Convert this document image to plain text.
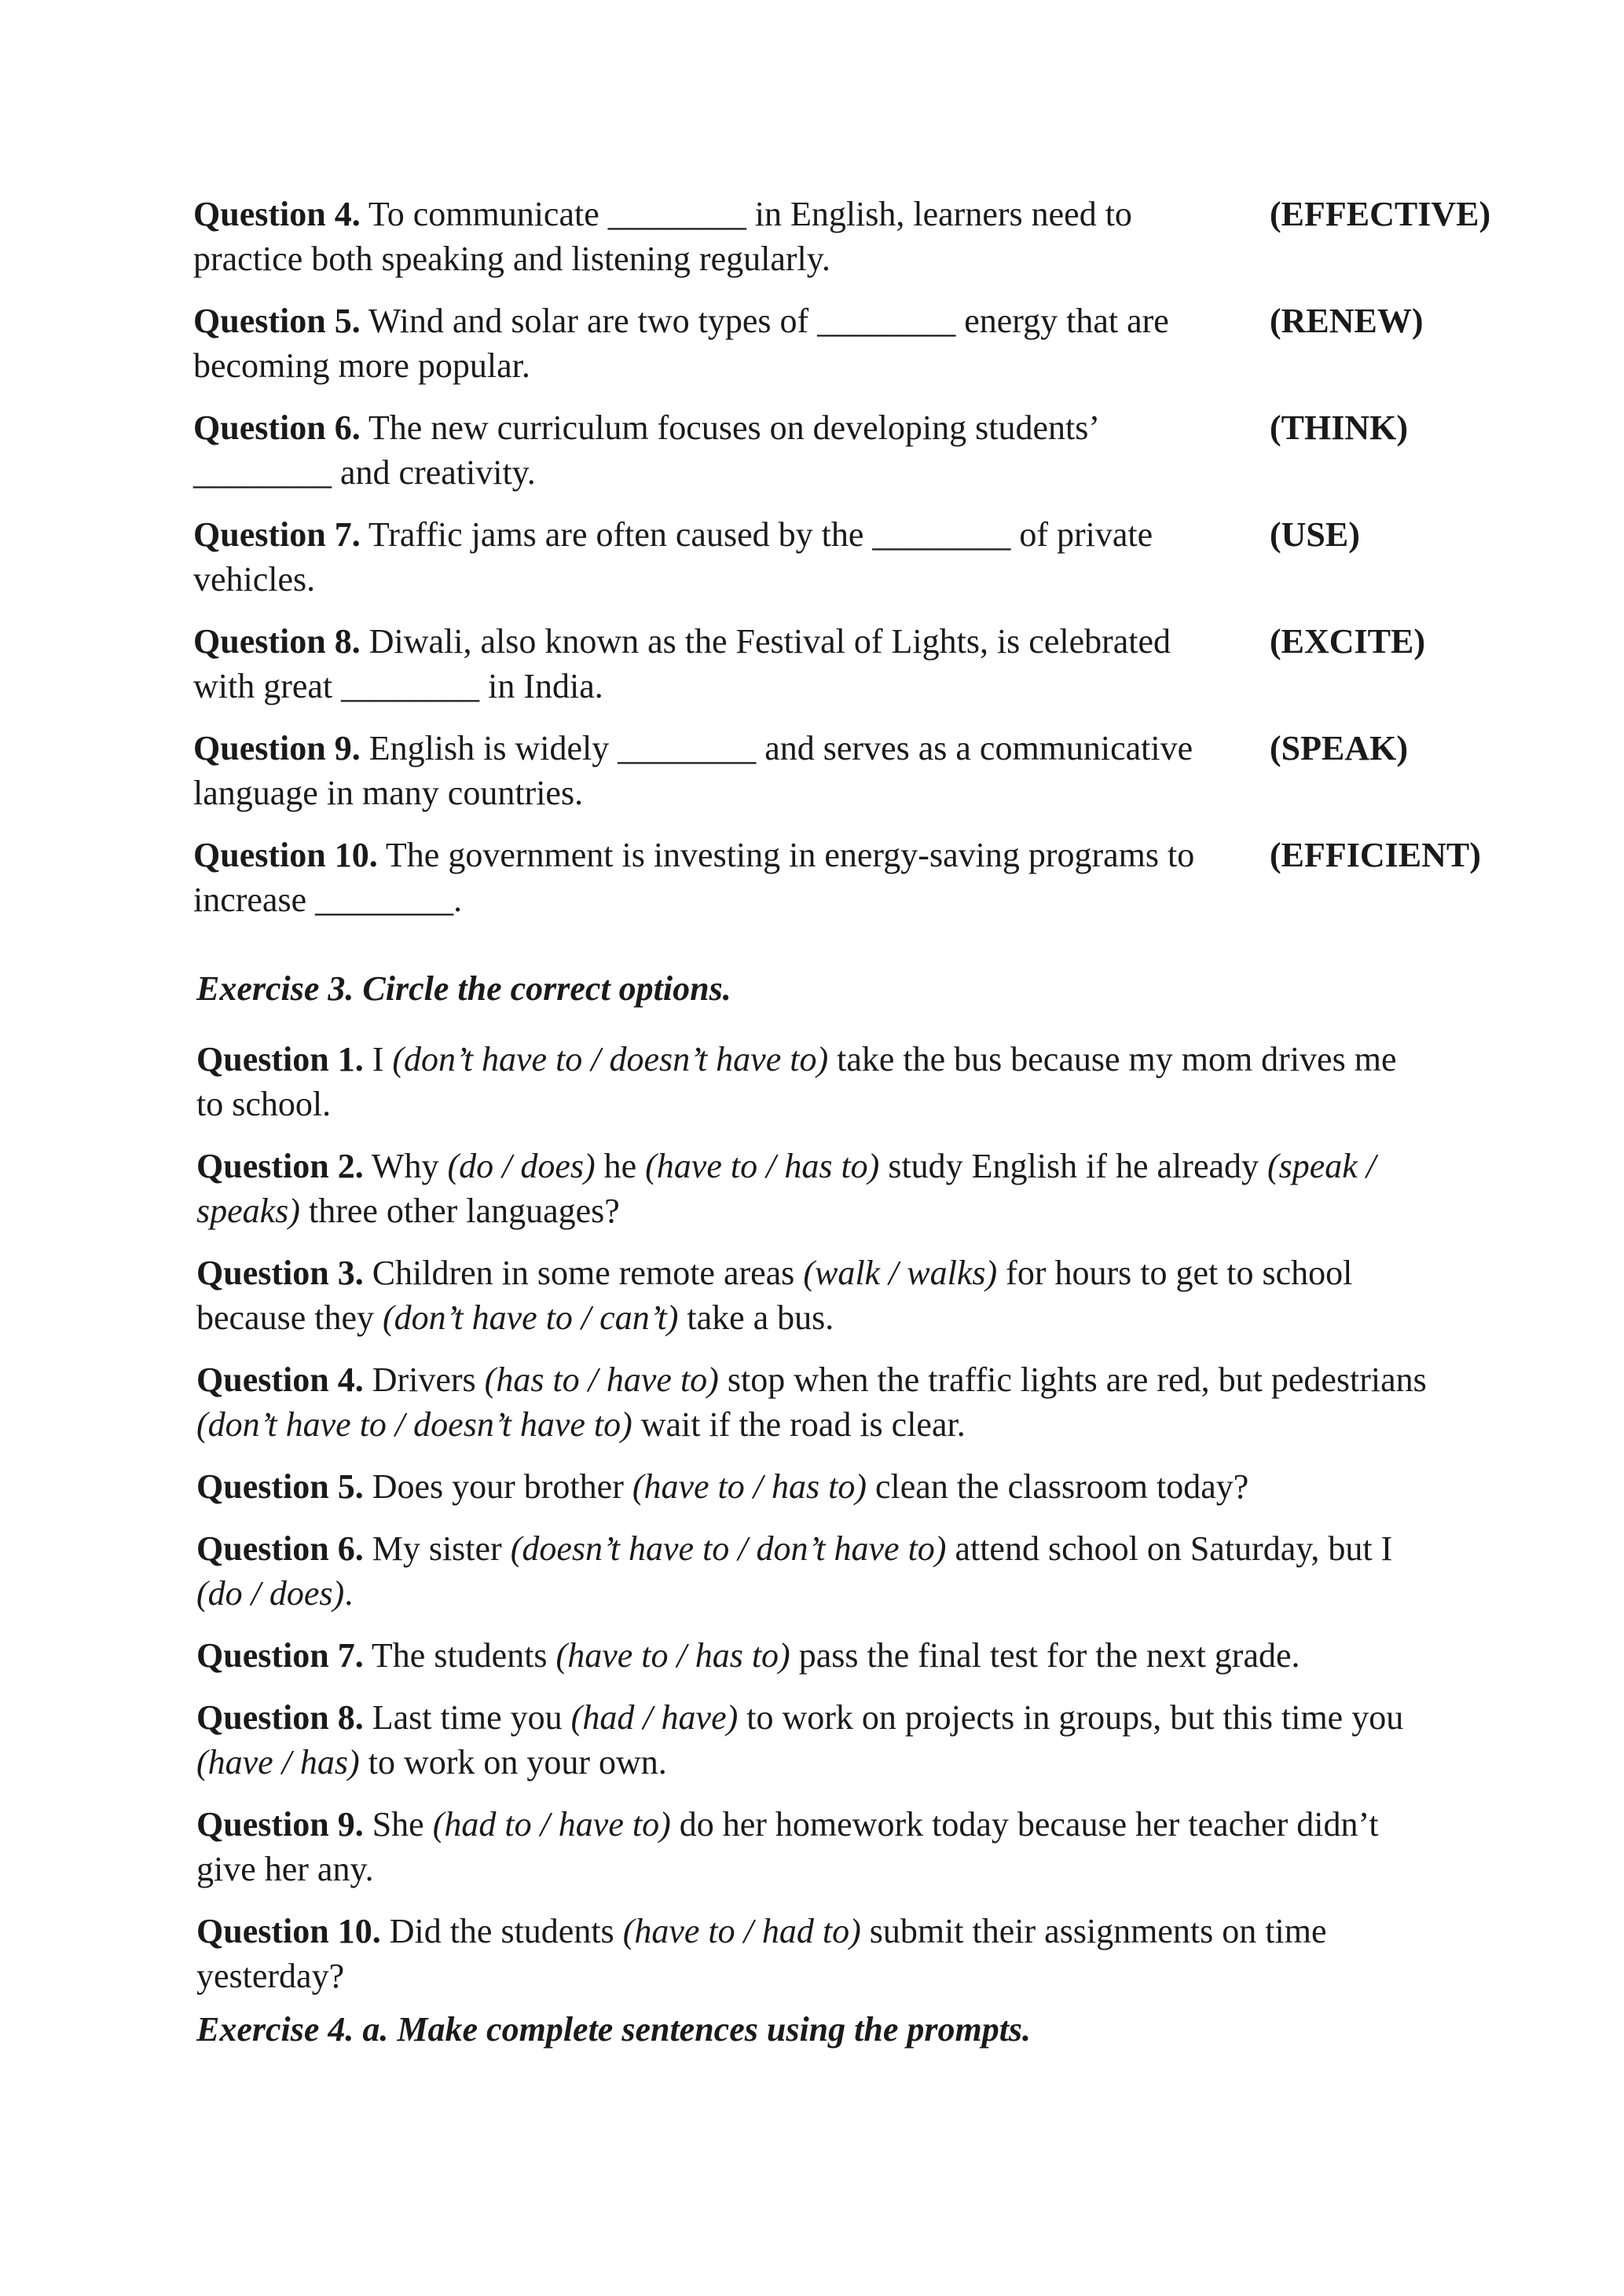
Question 4. To communicate ________ in English, learners need to practice both speaking and listening regularly.
(EFFECTIVE)
Question 5. Wind and solar are two types of ________ energy that are becoming more popular.
(RENEW)
Question 6. The new curriculum focuses on developing students’ ________ and creativity.
(THINK)
Question 7. Traffic jams are often caused by the ________ of private vehicles.
(USE)
Question 8. Diwali, also known as the Festival of Lights, is celebrated with great ________ in India.
(EXCITE)
Question 9. English is widely ________ and serves as a communicative language in many countries.
(SPEAK)
Question 10. The government is investing in energy-saving programs to increase ________.
(EFFICIENT)
Exercise 3. Circle the correct options.
Question 1. I (don’t have to / doesn’t have to) take the bus because my mom drives me to school.
Question 2. Why (do / does) he (have to / has to) study English if he already (speak / speaks) three other languages?
Question 3. Children in some remote areas (walk / walks) for hours to get to school because they (don’t have to / can’t) take a bus.
Question 4. Drivers (has to / have to) stop when the traffic lights are red, but pedestrians (don’t have to / doesn’t have to) wait if the road is clear.
Question 5. Does your brother (have to / has to) clean the classroom today?
Question 6. My sister (doesn’t have to / don’t have to) attend school on Saturday, but I (do / does).
Question 7. The students (have to / has to) pass the final test for the next grade.
Question 8. Last time you (had / have) to work on projects in groups, but this time you (have / has) to work on your own.
Question 9. She (had to / have to) do her homework today because her teacher didn’t give her any.
Question 10. Did the students (have to / had to) submit their assignments on time yesterday?
Exercise 4. a. Make complete sentences using the prompts.
